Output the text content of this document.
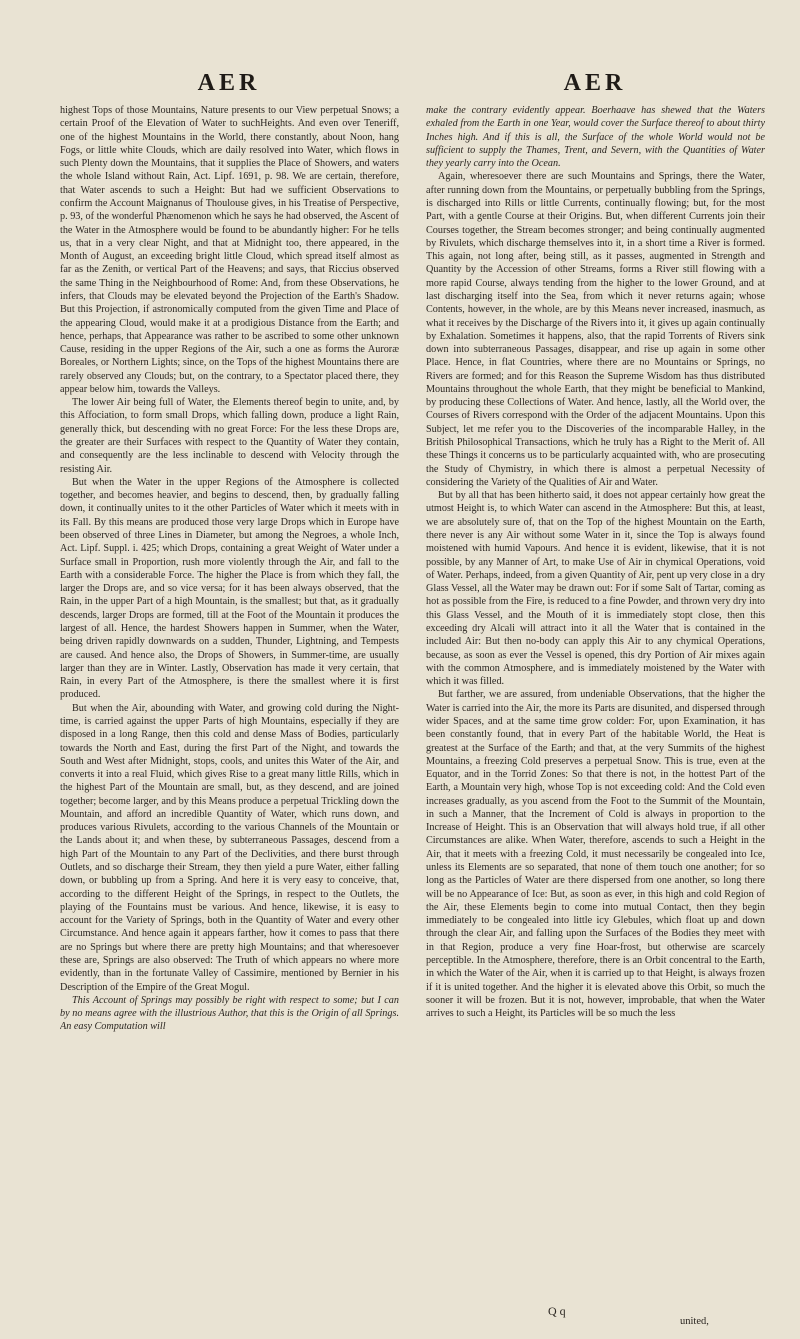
AER	AER

highest Tops of those Mountains, Nature presents to our View perpetual Snows; a certain Proof of the Elevation of Water to suchHeights. And even over Teneriff, one of the highest Mountains in the World, there constantly, about Noon, hang Fogs, or little white Clouds, which are daily resolved into Water, which flows in such Plenty down the Mountains, that it supplies the Place of Showers, and waters the whole Island without Rain, Act. Lipf. 1691, p. 98. We are certain, therefore, that Water ascends to such a Height: But had we sufficient Observations to confirm the Account Maignanus of Thoulouse gives, in his Treatise of Perspective, p. 93, of the wonderful Phænomenon which he says he had observed, the Ascent of the Water in the Atmosphere would be found to be abundantly higher: For he tells us, that in a very clear Night, and that at Midnight too, there appeared, in the Month of August, an exceeding bright little Cloud, which spread itself almost as far as the Zenith, or vertical Part of the Heavens; and says, that Riccius observed the same Thing in the Neighbourhood of Rome: And, from these Observations, he infers, that Clouds may be elevated beyond the Projection of the Earth's Shadow. But this Projection, if astronomically computed from the given Time and Place of the appearing Cloud, would make it at a prodigious Distance from the Earth; and hence, perhaps, that Appearance was rather to be ascribed to some other unknown Cause, residing in the upper Regions of the Air, such a one as forms the Auroræ Boreales, or Northern Lights; since, on the Tops of the highest Mountains there are rarely observed any Clouds; but, on the contrary, to a Spectator placed there, they appear below him, towards the Valleys.

The lower Air being full of Water, the Elements thereof begin to unite, and, by this Affociation, to form small Drops, which falling down, produce a light Rain, generally thick, but descending with no great Force: For the less these Drops are, the greater are their Surfaces with respect to the Quantity of Water they contain, and consequently are the less inclinable to descend with Velocity through the resisting Air.

But when the Water in the upper Regions of the Atmosphere is collected together, and becomes heavier, and begins to descend, then, by gradually falling down, it continually unites to it the other Particles of Water which it meets with in its Fall. By this means are produced those very large Drops which in Europe have been observed of three Lines in Diameter, but among the Negroes, a whole Inch, Act. Lipf. Suppl. i. 425; which Drops, containing a great Weight of Water under a Surface small in Proportion, rush more violently through the Air, and fall to the Earth with a considerable Force. The higher the Place is from which they fall, the larger the Drops are, and so vice versa; for it has been always observed, that the Rain, in the upper Part of a high Mountain, is the smallest; but that, as it gradually descends, larger Drops are formed, till at the Foot of the Mountain it produces the largest of all. Hence, the hardest Showers happen in Summer, when the Water, being driven rapidly downwards on a sudden, Thunder, Lightning, and Tempests are caused. And hence also, the Drops of Showers, in Summer-time, are usually larger than they are in Winter. Lastly, Observation has made it very certain, that Rain, in every Part of the Atmosphere, is there the smallest where it is first produced.

But when the Air, abounding with Water, and growing cold during the Night-time, is carried against the upper Parts of high Mountains, especially if they are disposed in a long Range, then this cold and dense Mass of Bodies, particularly towards the North and East, during the first Part of the Night, and towards the South and West after Midnight, stops, cools, and unites this Water of the Air, and converts it into a real Fluid, which gives Rise to a great many little Rills, which in the highest Part of the Mountain are small, but, as they descend, and are joined together; become larger, and by this Means produce a perpetual Trickling down the Mountain, and afford an incredible Quantity of Water, which runs down, and produces various Rivulets, according to the various Channels of the Mountain or the Lands about it; and when these, by subterraneous Passages, descend from a high Part of the Mountain to any Part of the Declivities, and there burst through Outlets, and so discharge their Stream, they then yield a pure Water, either falling down, or bubbling up from a Spring. And here it is very easy to conceive, that, according to the different Height of the Springs, in respect to the Outlets, the playing of the Fountains must be various. And hence, likewise, it is easy to account for the Variety of Springs, both in the Quantity of Water and every other Circumstance. And hence again it appears farther, how it comes to pass that there are no Springs but where there are pretty high Mountains; and that wheresoever these are, Springs are also observed: The Truth of which appears no where more evidently, than in the fortunate Valley of Cassimire, mentioned by Bernier in his Description of the Empire of the Great Mogul.

This Account of Springs may possibly be right with respect to some; but I can by no means agree with the illustrious Author, that this is the Origin of all Springs. An easy Computation will

make the contrary evidently appear. Boerhaave has shewed that the Waters exhaled from the Earth in one Year, would cover the Surface thereof to about thirty Inches high. And if this is all, the Surface of the whole World would not be sufficient to supply the Thames, Trent, and Severn, with the Quantities of Water they yearly carry into the Ocean.

Again, wheresoever there are such Mountains and Springs, there the Water, after running down from the Mountains, or perpetually bubbling from the Springs, is discharged into Rills or little Currents, continually flowing; but, for the most Part, with a gentle Course at their Origins. But, when different Currents join their Courses together, the Stream becomes stronger; and being continually augmented by Rivulets, which discharge themselves into it, in a short time a River is formed. This again, not long after, being still, as it passes, augmented in Strength and Quantity by the Accession of other Streams, forms a River still flowing with a more rapid Course, always tending from the higher to the lower Ground, and at last discharging itself into the Sea, from which it never returns again; whose Contents, however, in the whole, are by this Means never increased, inasmuch, as what it receives by the Discharge of the Rivers into it, it gives up again continually by Exhalation. Sometimes it happens, also, that the rapid Torrents of Rivers sink down into subterraneous Passages, disappear, and rise up again in some other Place. Hence, in flat Countries, where there are no Mountains or Springs, no Rivers are formed; and for this Reason the Supreme Wisdom has thus distributed Mountains throughout the whole Earth, that they might be beneficial to Mankind, by producing these Collections of Water. And hence, lastly, all the World over, the Courses of Rivers correspond with the Order of the adjacent Mountains. Upon this Subject, let me refer you to the Discoveries of the incomparable Halley, in the British Philosophical Transactions, which he truly has a Right to the Merit of. All these Things it concerns us to be particularly acquainted with, who are prosecuting the Study of Chymistry, in which there is almost a perpetual Necessity of considering the Variety of the Qualities of Air and Water.

But by all that has been hitherto said, it does not appear certainly how great the utmost Height is, to which Water can ascend in the Atmosphere: But this, at least, we are absolutely sure of, that on the Top of the highest Mountain on the Earth, there never is any Air without some Water in it, since the Top is always found moistened with humid Vapours. And hence it is evident, likewise, that it is not possible, by any Manner of Art, to make Use of Air in chymical Operations, void of Water. Perhaps, indeed, from a given Quantity of Air, pent up very close in a dry Glass Vessel, all the Water may be drawn out: For if some Salt of Tartar, coming as hot as possible from the Fire, is reduced to a fine Powder, and thrown very dry into this Glass Vessel, and the Mouth of it is immediately stopt close, then this exceeding dry Alcali will attract into it all the Water that is contained in the included Air: But then no-body can apply this Air to any chymical Operations, because, as soon as ever the Vessel is opened, this dry Portion of Air mixes again with the common Atmosphere, and is immediately moistened by the Water with which it was filled.

But farther, we are assured, from undeniable Observations, that the higher the Water is carried into the Air, the more its Parts are disunited, and dispersed through wider Spaces, and at the same time grow colder: For, upon Examination, it has been constantly found, that in every Part of the habitable World, the Heat is greatest at the Surface of the Earth; and that, at the very Summits of the highest Mountains, a freezing Cold preserves a perpetual Snow. This is true, even at the Equator, and in the Torrid Zones: So that there is not, in the hottest Part of the Earth, a Mountain very high, whose Top is not exceeding cold: And the Cold even increases gradually, as you ascend from the Foot to the Summit of the Mountain, in such a Manner, that the Increment of Cold is always in proportion to the Increase of Height. This is an Observation that will always hold true, if all other Circumstances are alike. When Water, therefore, ascends to such a Height in the Air, that it meets with a freezing Cold, it must necessarily be congealed into Ice, unless its Elements are so separated, that none of them touch one another; for so long as the Particles of Water are there dispersed from one another, so long there will be no Appearance of Ice: But, as soon as ever, in this high and cold Region of the Air, these Elements begin to come into mutual Contact, then they begin immediately to be congealed into little icy Glebules, which float up and down through the clear Air, and falling upon the Surfaces of the Bodies they meet with in that Region, produce a very fine Hoar-frost, but otherwise are scarcely perceptible. In the Atmosphere, therefore, there is an Orbit concentral to the Earth, in which the Water of the Air, when it is carried up to that Height, is always frozen if it is united together. And the higher it is elevated above this Orbit, so much the sooner it will be frozen. But it is not, however, improbable, that when the Water arrives to such a Height, its Particles will be so much the less

Q q
united,
